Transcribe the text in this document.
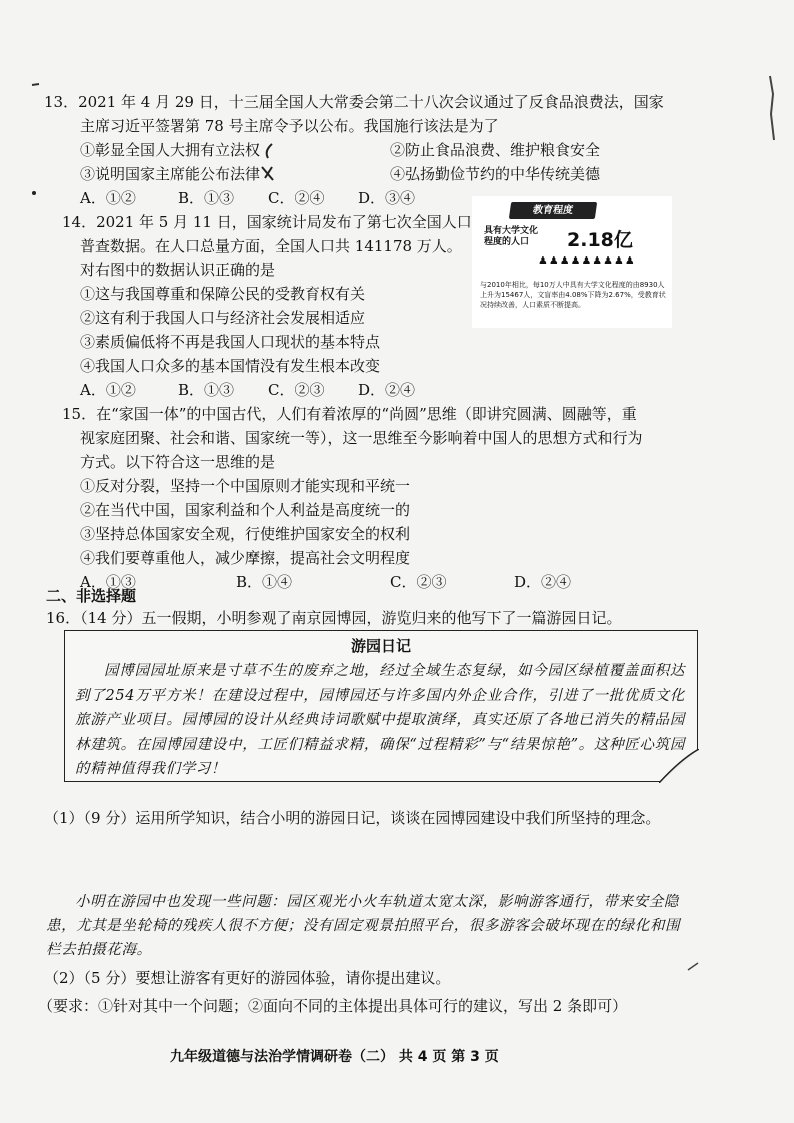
13．2021 年 4 月 29 日，十三届全国人大常委会第二十八次会议通过了反食品浪费法，国家
主席习近平签署第 78 号主席令予以公布。我国施行该法是为了
①彰显全国人大拥有立法权	②防止食品浪费、维护粮食安全
③说明国家主席能公布法律	④弘扬勤俭节约的中华传统美德
A．①②	B．①③ C．②④ D．③④
14．2021 年 5 月 11 日，国家统计局发布了第七次全国人口
普查数据。在人口总量方面，全国人口共 141178 万人。
对右图中的数据认识正确的是
①这与我国尊重和保障公民的受教育权有关
②这有利于我国人口与经济社会发展相适应
③素质偏低将不再是我国人口现状的基本特点
④我国人口众多的基本国情没有发生根本改变
A．①②	B．①③ C．②③ D．②④
教育程度
具有大学文化程度的人口	2.18亿
♟♟♟♟♟♟♟♟♟
与2010年相比，每10万人中具有大学文化程度的由8930人上升为15467人，文盲率由4.08%下降为2.67%，受教育状况持续改善，人口素质不断提高。
15．在“家国一体”的中国古代，人们有着浓厚的“尚圆”思维（即讲究圆满、圆融等，重
视家庭团聚、社会和谐、国家统一等），这一思维至今影响着中国人的思想方式和行为
方式。以下符合这一思维的是
①反对分裂，坚持一个中国原则才能实现和平统一
②在当代中国，国家利益和个人利益是高度统一的
③坚持总体国家安全观，行使维护国家安全的权利
④我们要尊重他人，减少摩擦，提高社会文明程度
A．①③	B．①④	C．②③	D．②④
二、非选择题
16．（14 分）五一假期，小明参观了南京园博园，游览归来的他写下了一篇游园日记。
游园日记
园博园园址原来是寸草不生的废弃之地，经过全域生态复绿，如今园区绿植覆盖面积达到了254万平方米！在建设过程中，园博园还与许多国内外企业合作，引进了一批优质文化旅游产业项目。园博园的设计从经典诗词歌赋中提取演绎，真实还原了各地已消失的精品园林建筑。在园博园建设中，工匠们精益求精，确保“过程精彩”与“结果惊艳”。这种匠心筑园的精神值得我们学习！
（1）（9 分）运用所学知识，结合小明的游园日记，谈谈在园博园建设中我们所坚持的理念。
小明在游园中也发现一些问题：园区观光小火车轨道太宽太深，影响游客通行，带来安全隐患，尤其是坐轮椅的残疾人很不方便；没有固定观景拍照平台，很多游客会破坏现在的绿化和围栏去拍摄花海。
（2）（5 分）要想让游客有更好的游园体验，请你提出建议。
（要求：①针对其中一个问题；②面向不同的主体提出具体可行的建议，写出 2 条即可）
九年级道德与法治学情调研卷（二） 共 4 页 第 3 页
